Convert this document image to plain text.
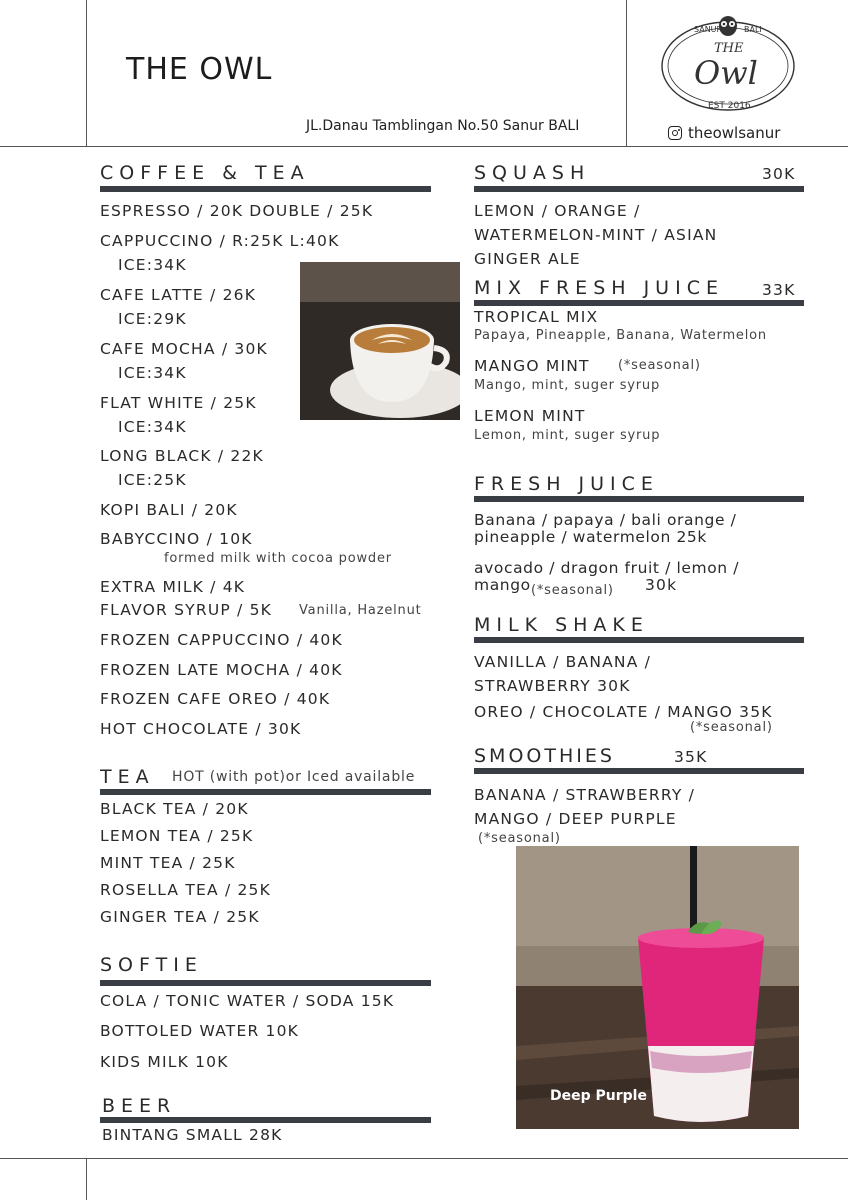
THE OWL
JL.Danau Tamblingan No.50 Sanur BALI	theowlsanur
SANUR	BALI
THE
Owl
EST 2016
COFFEE & TEA
ESPRESSO / 20K DOUBLE / 25K
CAPPUCCINO / R:25K L:40K
ICE:34K
CAFE LATTE / 26K
ICE:29K
CAFE MOCHA / 30K
ICE:34K
FLAT WHITE / 25K
ICE:34K
LONG BLACK / 22K
ICE:25K
KOPI BALI / 20K
BABYCCINO / 10K
formed milk with cocoa powder
EXTRA MILK / 4K
FLAVOR SYRUP / 5K Vanilla, Hazelnut
FROZEN CAPPUCCINO / 40K
FROZEN LATE MOCHA / 40K
FROZEN CAFE OREO / 40K
HOT CHOCOLATE / 30K
TEA HOT (with pot)or Iced available
BLACK TEA / 20K
LEMON TEA / 25K
MINT TEA / 25K
ROSELLA TEA / 25K
GINGER TEA / 25K
SOFTIE
COLA / TONIC WATER / SODA 15K
BOTTOLED WATER 10K
KIDS MILK 10K
BEER
BINTANG SMALL 28K
SQUASH	30K
LEMON / ORANGE /
WATERMELON-MINT / ASIAN
GINGER ALE
MIX FRESH JUICE 33K
TROPICAL MIX
Papaya, Pineapple, Banana, Watermelon
MANGO MINT (*seasonal)
Mango, mint, suger syrup
LEMON MINT
Lemon, mint, suger syrup
FRESH JUICE
Banana / papaya / bali orange /
pineapple / watermelon 25k
avocado / dragon fruit / lemon /
mango (*seasonal) 30k
MILK SHAKE
VANILLA / BANANA /
STRAWBERRY 30K
OREO / CHOCOLATE / MANGO 35K
(*seasonal)
SMOOTHIES	35K
BANANA / STRAWBERRY /
MANGO / DEEP PURPLE
(*seasonal)
Deep Purple
